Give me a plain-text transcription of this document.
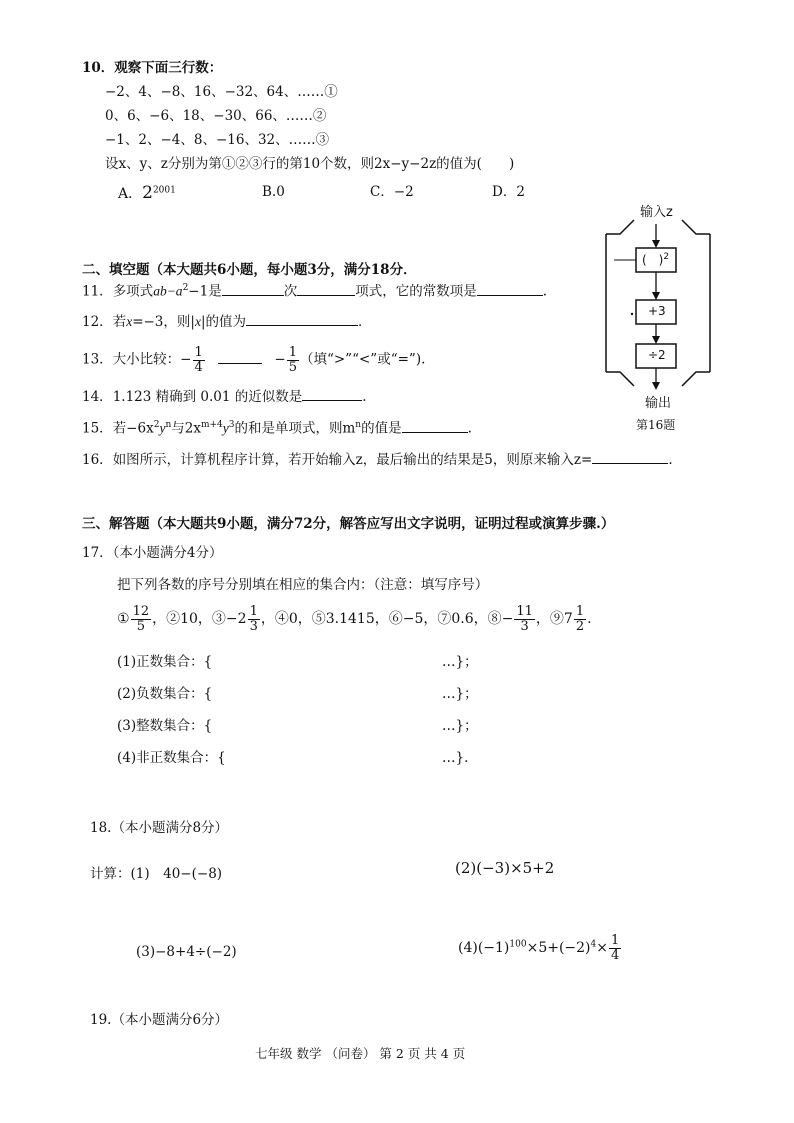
10．观察下面三行数：
−2、4、−8、16、−32、64、……①
0、6、−6、18、−30、66、……②
−1、2、−4、8、−16、32、……③
设x、y、z分别为第①②③行的第10个数，则2x−y−2z的值为(　　)
A．$2^{2001}$	B.0	C．−2	D．2
二、填空题（本大题共6小题，每小题3分，满分18分．
11．多项式$ab-a^2-1$是	次	项式，它的常数项是	.
12．若x=−3，则|x|的值为	．
13．大小比较：− $\frac{1}{4}$	− $\frac{1}{5}$ （填“>”“<”或“=”).
14．1.123 精确到 0.01 的近似数是	.
15．若$-6x^2y^n$与$2x^{m+4}y^3$的和是单项式，则$m^n$的值是	.
16．如图所示，计算机程序计算，若开始输入z，最后输出的结果是5，则原来输入z=	.
输入z
(　)$^2$
+3
÷2
输出
第16题
三、解答题（本大题共9小题，满分72分，解答应写出文字说明，证明过程或演算步骤.）
17．（本小题满分4分）
把下列各数的序号分别填在相应的集合内：（注意：填写序号）
① $\frac{12}{5}$ ，②10，③−2 $\frac{1}{3}$ ，④0，⑤3.1415，⑥−5，⑦0.6，⑧− $\frac{11}{3}$ ，⑨7 $\frac{1}{2}$ .
(1)正数集合：{	…}；
(2)负数集合：{	…}；
(3)整数集合：{	…}；
(4)非正数集合：{	…}.
18.（本小题满分8分）
计算：(1)　40−(−8)	(2)(−3)×5+2
(3)−8+4÷(−2)	$(4)(-1)^{100}\times 5+(-2)^4\times \frac{1}{4}$
19.（本小题满分6分）
七年级 数学 （问卷） 第 2 页 共 4 页
